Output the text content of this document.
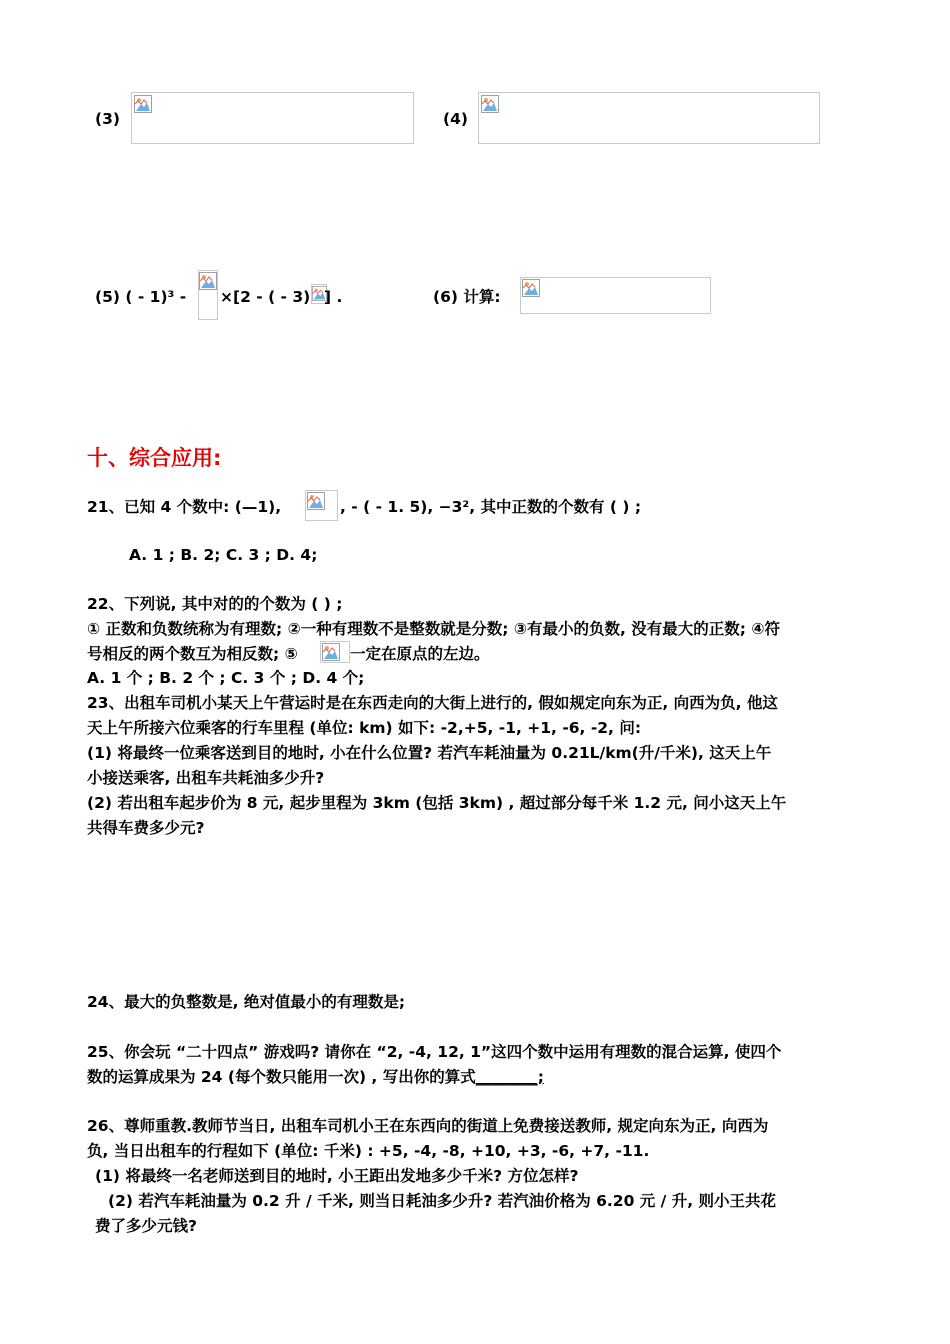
(3)	(4)
(5) ( - 1)³ - ×[2 - ( - 3) ] .	(6) 计算:
十、综合应用:
21、已知 4 个数中: (—1),	, - ( - 1. 5), −3², 其中正数的个数有 ( ) ;
A. 1 ; B. 2; C. 3 ; D. 4;
22、下列说, 其中对的的个数为 ( ) ;
① 正数和负数统称为有理数; ②一种有理数不是整数就是分数; ③有最小的负数, 没有最大的正数; ④符
号相反的两个数互为相反数; ⑤	一定在原点的左边。
A. 1 个 ; B. 2 个 ; C. 3 个 ; D. 4 个;
23、出租车司机小某天上午营运时是在东西走向的大街上进行的, 假如规定向东为正, 向西为负, 他这
天上午所接六位乘客的行车里程 (单位: km) 如下: -2,+5, -1, +1, -6, -2, 问:
(1) 将最终一位乘客送到目的地时, 小在什么位置? 若汽车耗油量为 0.21L/km(升/千米), 这天上午
小接送乘客, 出租车共耗油多少升?
(2) 若出租车起步价为 8 元, 起步里程为 3km (包括 3km) , 超过部分每千米 1.2 元, 问小这天上午
共得车费多少元?
24、最大的负整数是, 绝对值最小的有理数是;
25、你会玩 “二十四点” 游戏吗? 请你在 “2, -4, 12, 1”这四个数中运用有理数的混合运算, 使四个
数的运算成果为 24 (每个数只能用一次) , 写出你的算式________;
26、尊师重教.教师节当日, 出租车司机小王在东西向的街道上免费接送教师, 规定向东为正, 向西为
负, 当日出租车的行程如下 (单位: 千米) : +5, -4, -8, +10, +3, -6, +7, -11.
(1) 将最终一名老师送到目的地时, 小王距出发地多少千米? 方位怎样?
(2) 若汽车耗油量为 0.2 升 / 千米, 则当日耗油多少升? 若汽油价格为 6.20 元 / 升, 则小王共花
费了多少元钱?
